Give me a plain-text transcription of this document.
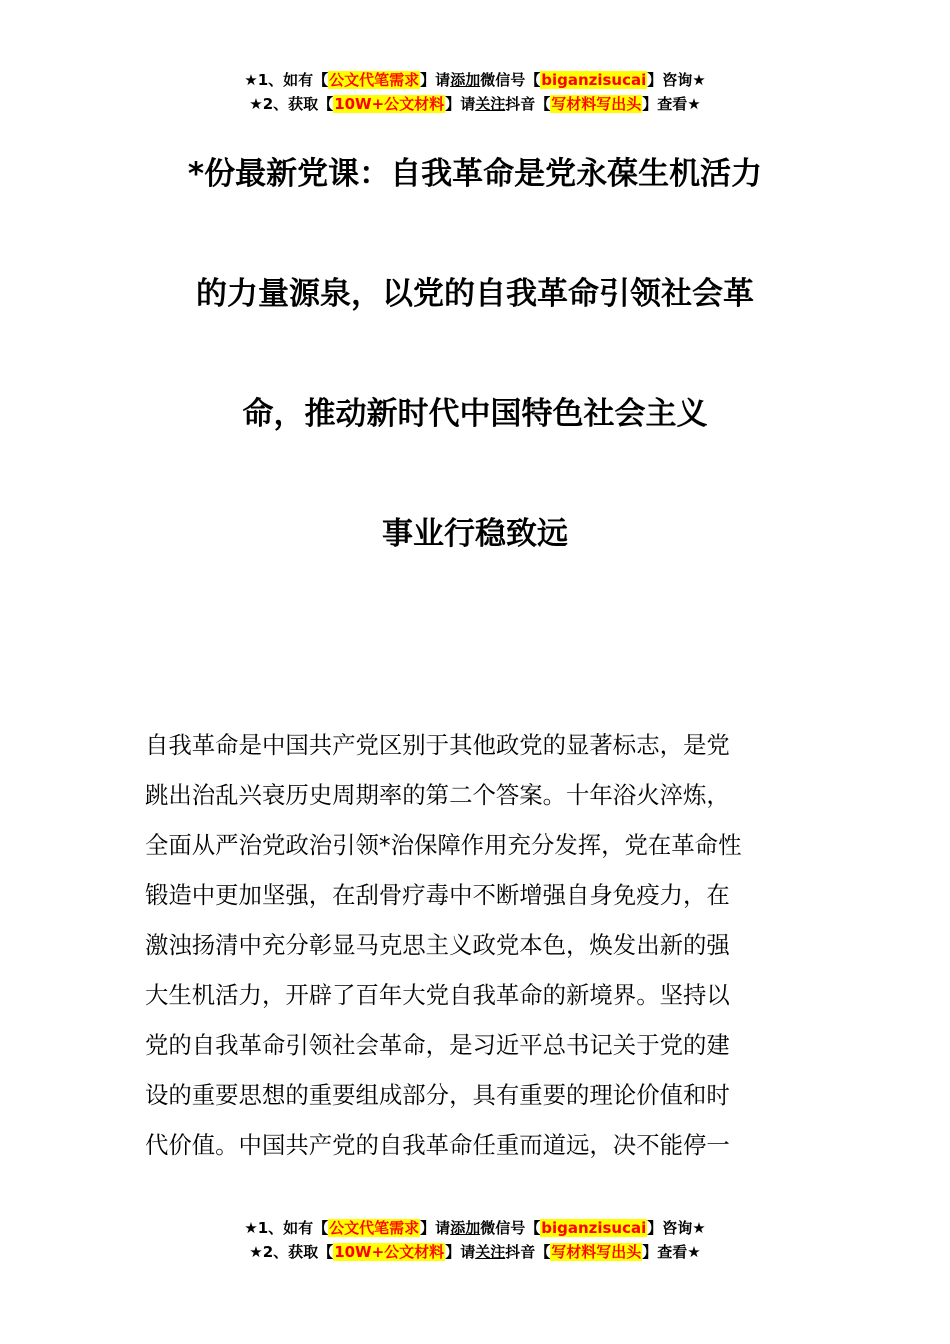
★1、如有【公文代笔需求】请添加微信号【biganzisucai】咨询★
★2、获取【10W+公文材料】请关注抖音【写材料写出头】查看★
*份最新党课：自我革命是党永葆生机活力
的力量源泉，以党的自我革命引领社会革
命，推动新时代中国特色社会主义
事业行稳致远
自我革命是中国共产党区别于其他政党的显著标志，是党
跳出治乱兴衰历史周期率的第二个答案。十年浴火淬炼，
全面从严治党政治引领*治保障作用充分发挥，党在革命性
锻造中更加坚强，在刮骨疗毒中不断增强自身免疫力，在
激浊扬清中充分彰显马克思主义政党本色，焕发出新的强
大生机活力，开辟了百年大党自我革命的新境界。坚持以
党的自我革命引领社会革命，是习近平总书记关于党的建
设的重要思想的重要组成部分，具有重要的理论价值和时
代价值。中国共产党的自我革命任重而道远，决不能停一
★1、如有【公文代笔需求】请添加微信号【biganzisucai】咨询★
★2、获取【10W+公文材料】请关注抖音【写材料写出头】查看★
